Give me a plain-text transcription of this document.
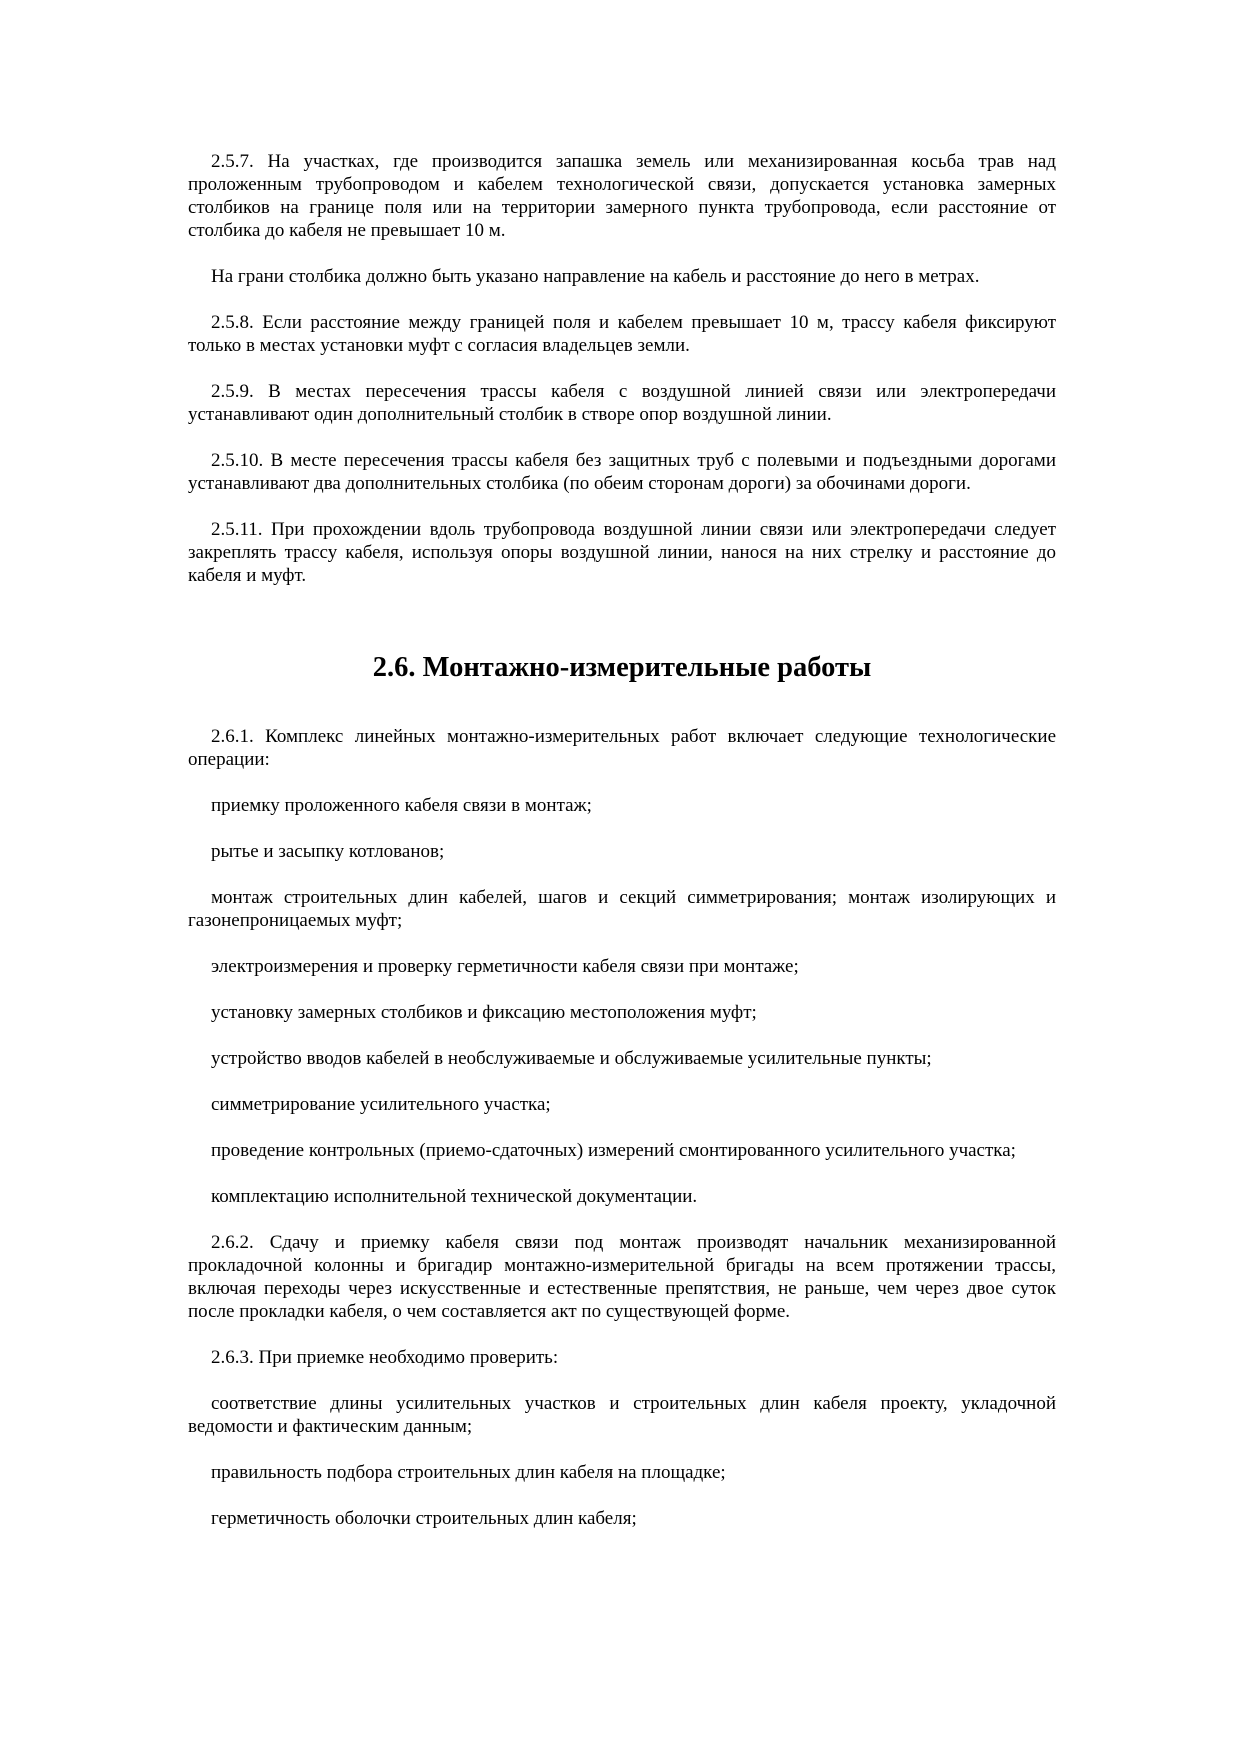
2.5.7. На участках, где производится запашка земель или механизированная косьба трав над проложенным трубопроводом и кабелем технологической связи, допускается установка замерных столбиков на границе поля или на территории замерного пункта трубопровода, если расстояние от столбика до кабеля не превышает 10 м.

На грани столбика должно быть указано направление на кабель и расстояние до него в метрах.

2.5.8. Если расстояние между границей поля и кабелем превышает 10 м, трассу кабеля фиксируют только в местах установки муфт с согласия владельцев земли.

2.5.9. В местах пересечения трассы кабеля с воздушной линией связи или электропередачи устанавливают один дополнительный столбик в створе опор воздушной линии.

2.5.10. В месте пересечения трассы кабеля без защитных труб с полевыми и подъездными дорогами устанавливают два дополнительных столбика (по обеим сторонам дороги) за обочинами дороги.

2.5.11. При прохождении вдоль трубопровода воздушной линии связи или электропередачи следует закреплять трассу кабеля, используя опоры воздушной линии, нанося на них стрелку и расстояние до кабеля и муфт.

2.6. Монтажно-измерительные работы

2.6.1. Комплекс линейных монтажно-измерительных работ включает следующие технологические операции:

приемку проложенного кабеля связи в монтаж;

рытье и засыпку котлованов;

монтаж строительных длин кабелей, шагов и секций симметрирования; монтаж изолирующих и газонепроницаемых муфт;

электроизмерения и проверку герметичности кабеля связи при монтаже;

установку замерных столбиков и фиксацию местоположения муфт;

устройство вводов кабелей в необслуживаемые и обслуживаемые усилительные пункты;

симметрирование усилительного участка;

проведение контрольных (приемо-сдаточных) измерений смонтированного усилительного участка;

комплектацию исполнительной технической документации.

2.6.2. Сдачу и приемку кабеля связи под монтаж производят начальник механизированной прокладочной колонны и бригадир монтажно-измерительной бригады на всем протяжении трассы, включая переходы через искусственные и естественные препятствия, не раньше, чем через двое суток после прокладки кабеля, о чем составляется акт по существующей форме.

2.6.3. При приемке необходимо проверить:

соответствие длины усилительных участков и строительных длин кабеля проекту, укладочной ведомости и фактическим данным;

правильность подбора строительных длин кабеля на площадке;

герметичность оболочки строительных длин кабеля;
